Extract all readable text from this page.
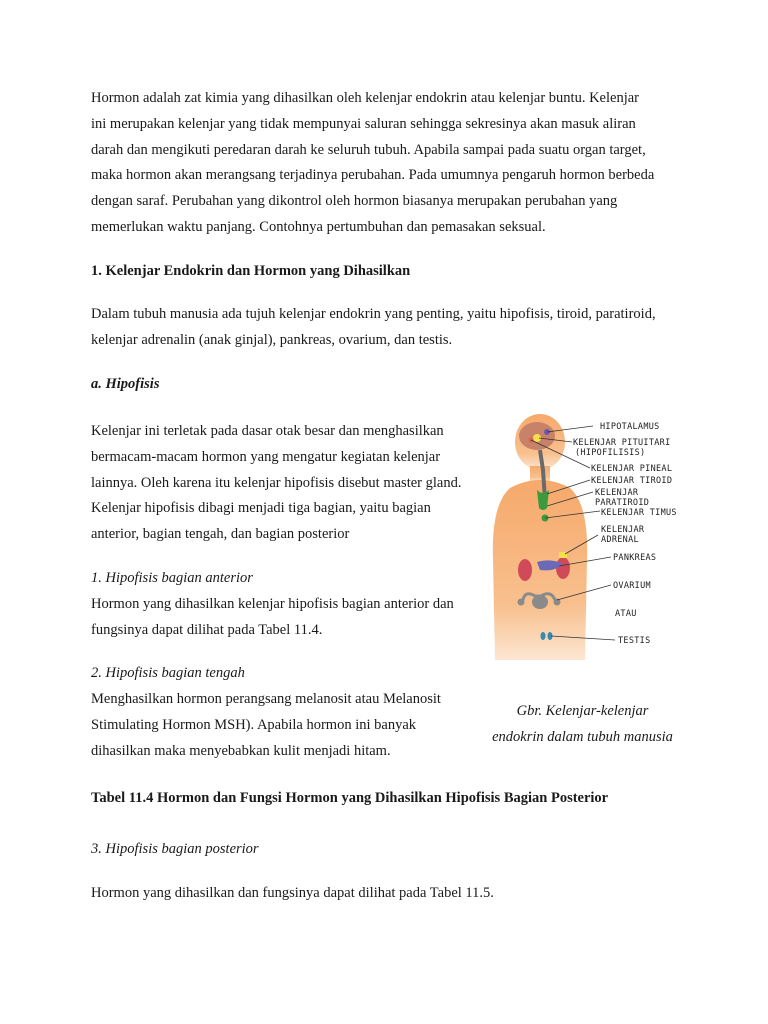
Hormon adalah zat kimia yang dihasilkan oleh kelenjar endokrin atau kelenjar buntu. Kelenjar
ini merupakan kelenjar yang tidak mempunyai saluran sehingga sekresinya akan masuk aliran
darah dan mengikuti peredaran darah ke seluruh tubuh. Apabila sampai pada suatu organ target,
maka hormon akan merangsang terjadinya perubahan. Pada umumnya pengaruh hormon berbeda
dengan saraf. Perubahan yang dikontrol oleh hormon biasanya merupakan perubahan yang
memerlukan waktu panjang. Contohnya pertumbuhan dan pemasakan seksual.

1. Kelenjar Endokrin dan Hormon yang Dihasilkan

Dalam tubuh manusia ada tujuh kelenjar endokrin yang penting, yaitu hipofisis, tiroid, paratiroid,
kelenjar adrenalin (anak ginjal), pankreas, ovarium, dan testis.

a. Hipofisis

Kelenjar ini terletak pada dasar otak besar dan menghasilkan
bermacam-macam hormon yang mengatur kegiatan kelenjar
lainnya. Oleh karena itu kelenjar hipofisis disebut master gland.
Kelenjar hipofisis dibagi menjadi tiga bagian, yaitu bagian
anterior, bagian tengah, dan bagian posterior

1. Hipofisis bagian anterior

Hormon yang dihasilkan kelenjar hipofisis bagian anterior dan
fungsinya dapat dilihat pada Tabel 11.4.

2. Hipofisis bagian tengah

Menghasilkan hormon perangsang melanosit atau Melanosit
Stimulating Hormon MSH). Apabila hormon ini banyak
dihasilkan maka menyebabkan kulit menjadi hitam.

Gbr. Kelenjar-kelenjar
endokrin dalam tubuh manusia

Tabel 11.4 Hormon dan Fungsi Hormon yang Dihasilkan Hipofisis Bagian Posterior

3. Hipofisis bagian posterior

Hormon yang dihasilkan dan fungsinya dapat dilihat pada Tabel 11.5.

HIPOTALAMUS
KELENJAR PITUITARI
(HIPOFILISIS)
KELENJAR PINEAL
KELENJAR TIROID
KELENJAR
PARATIROID
KELENJAR TIMUS
KELENJAR
ADRENAL
PANKREAS
OVARIUM
ATAU
TESTIS
